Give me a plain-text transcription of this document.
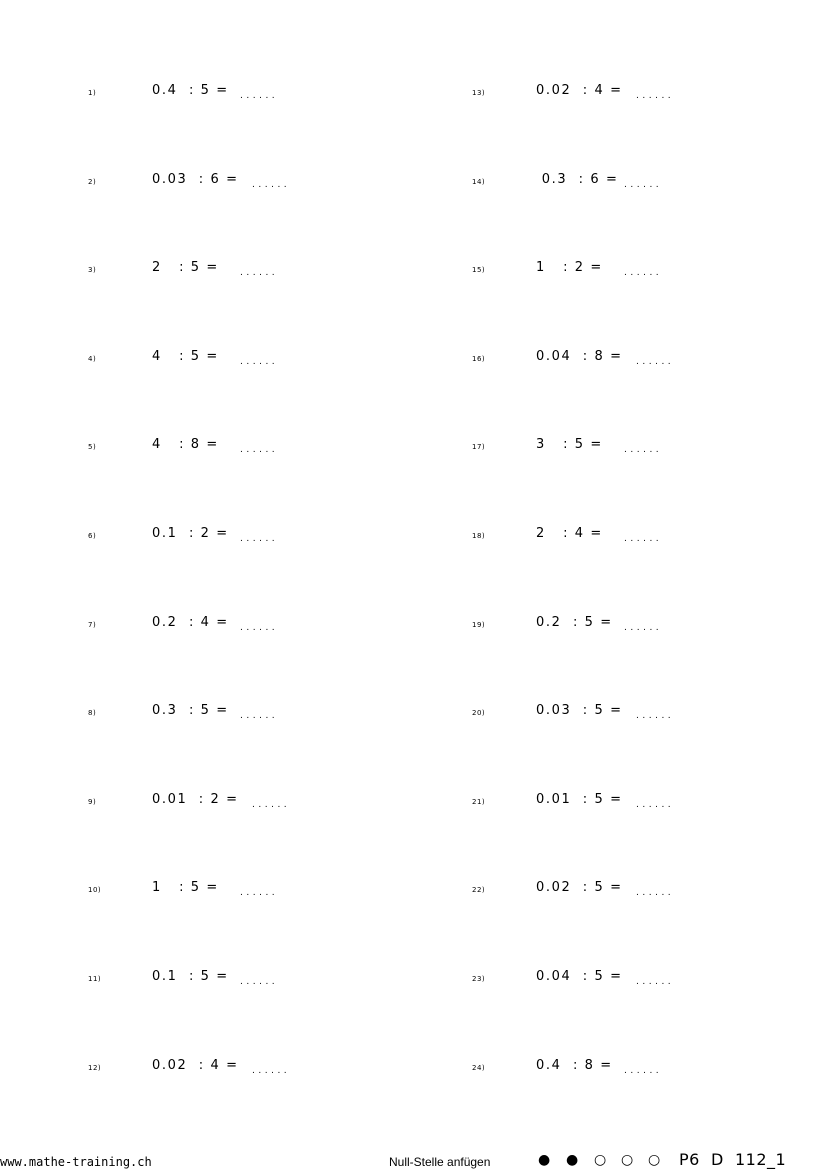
1)	0.4  : 5 = ......
2)	0.03  : 6 = ......
3)	2   : 5 = ......
4)	4   : 5 = ......
5)	4   : 8 = ......
6)	0.1  : 2 = ......
7)	0.2  : 4 = ......
8)	0.3  : 5 = ......
9)	0.01  : 2 = ......
10)	1   : 5 = ......
11)	0.1  : 5 = ......
12)	0.02  : 4 = ......
13)	0.02  : 4 = ......
14)	0.3  : 6 = ......
15)	1   : 2 = ......
16)	0.04  : 8 = ......
17)	3   : 5 = ......
18)	2   : 4 = ......
19)	0.2  : 5 = ......
20)	0.03  : 5 = ......
21)	0.01  : 5 = ......
22)	0.02  : 5 = ......
23)	0.04  : 5 = ......
24)	0.4  : 8 = ......
www.mathe-training.ch	Null-Stelle anfügen	● ● ○ ○ ○ P6  D  112_1
